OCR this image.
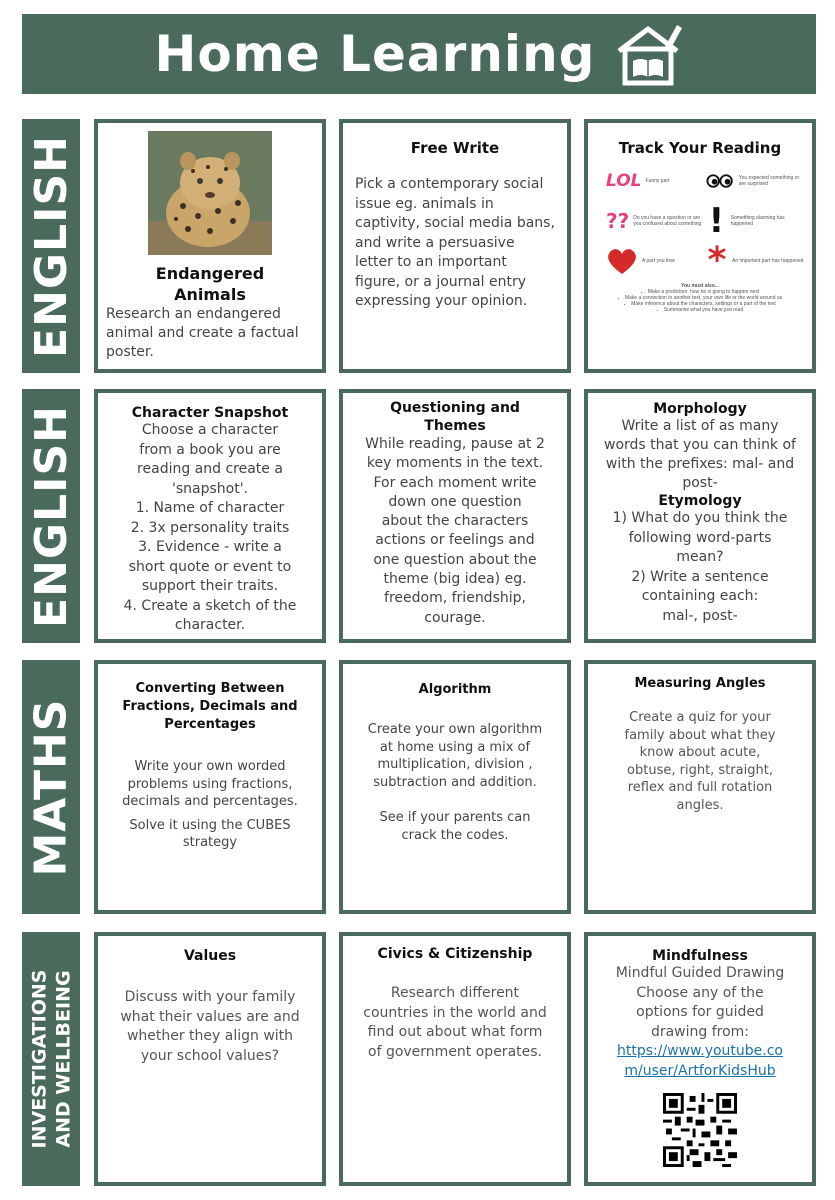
Home Learning
ENGLISH
ENGLISH
MATHS
INVESTIGATIONS AND WELLBEING
Endangered
Animals
Research an endangered animal and create a factual poster.
Free Write
Pick a contemporary social issue eg. animals in captivity, social media bans, and write a persuasive letter to an important figure, or a journal entry expressing your opinion.
Track Your Reading
LOL Funny part	You expected something or are surprised
?? Do you have a question or are you confused about something !	Something alarming has happened
A part you love *	An important part has happened
You must also...
• Make a prediction: how he is going to happen next
• Make a connection to another text, your own life or the world around us
• Make inference about the characters, settings or a part of the text
• Summarise what you have just read
Character Snapshot
Choose a character
from a book you are
reading and create a
'snapshot'.
1. Name of character
2. 3x personality traits
3. Evidence - write a
short quote or event to
support their traits.
4. Create a sketch of the
character.
Questioning and
Themes
While reading, pause at 2
key moments in the text.
For each moment write
down one question
about the characters
actions or feelings and
one question about the
theme (big idea) eg.
freedom, friendship,
courage.
Morphology
Write a list of as many
words that you can think of
with the prefixes: mal- and
post-
Etymology
1) What do you think the
following word-parts
mean?
2) Write a sentence
containing each:
mal-, post-
Converting Between
Fractions, Decimals and
Percentages
Write your own worded
problems using fractions,
decimals and percentages.
Solve it using the CUBES
strategy
Algorithm
Create your own algorithm
at home using a mix of
multiplication, division ,
subtraction and addition.
See if your parents can
crack the codes.
Measuring Angles
Create a quiz for your
family about what they
know about acute,
obtuse, right, straight,
reflex and full rotation
angles.
Values
Discuss with your family
what their values are and
whether they align with
your school values?
Civics & Citizenship
Research different
countries in the world and
find out about what form
of government operates.
Mindfulness
Mindful Guided Drawing
Choose any of the
options for guided
drawing from:
https://www.youtube.co
m/user/ArtforKidsHub
